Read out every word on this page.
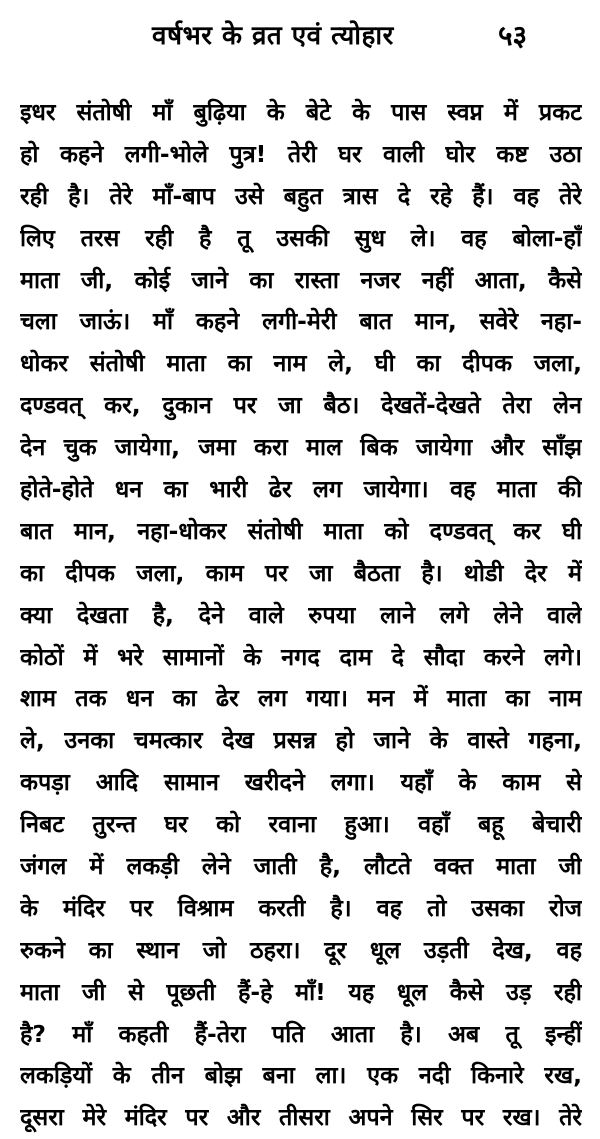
वर्षभर के व्रत एवं त्योहार	५३
इधर संतोषी माँ बुढ़िया के बेटे के पास स्वप्न में प्रकट
हो कहने लगी-भोले पुत्र! तेरी घर वाली घोर कष्ट उठा
रही है। तेरे माँ-बाप उसे बहुत त्रास दे रहे हैं। वह तेरे
लिए तरस रही है तू उसकी सुध ले। वह बोला-हाँ
माता जी, कोई जाने का रास्ता नजर नहीं आता, कैसे
चला जाऊं। माँ कहने लगी-मेरी बात मान, सवेरे नहा-
धोकर संतोषी माता का नाम ले, घी का दीपक जला,
दण्डवत् कर, दुकान पर जा बैठ। देखतें-देखते तेरा लेन
देन चुक जायेगा, जमा करा माल बिक जायेगा और साँझ
होते-होते धन का भारी ढेर लग जायेगा। वह माता की
बात मान, नहा-धोकर संतोषी माता को दण्डवत् कर घी
का दीपक जला, काम पर जा बैठता है। थोडी देर में
क्या देखता है, देने वाले रुपया लाने लगे लेने वाले
कोठों में भरे सामानों के नगद दाम दे सौदा करने लगे।
शाम तक धन का ढेर लग गया। मन में माता का नाम
ले, उनका चमत्कार देख प्रसन्न हो जाने के वास्ते गहना,
कपड़ा आदि सामान खरीदने लगा। यहाँ के काम से
निबट तुरन्त घर को रवाना हुआ। वहाँ बहू बेचारी
जंगल में लकड़ी लेने जाती है, लौटते वक्त माता जी
के मंदिर पर विश्राम करती है। वह तो उसका रोज
रुकने का स्थान जो ठहरा। दूर धूल उड़ती देख, वह
माता जी से पूछती हैं-हे माँ! यह धूल कैसे उड़ रही
है? माँ कहती हैं-तेरा पति आता है। अब तू इन्हीं
लकड़ियों के तीन बोझ बना ला। एक नदी किनारे रख,
दूसरा मेरे मंदिर पर और तीसरा अपने सिर पर रख। तेरे
